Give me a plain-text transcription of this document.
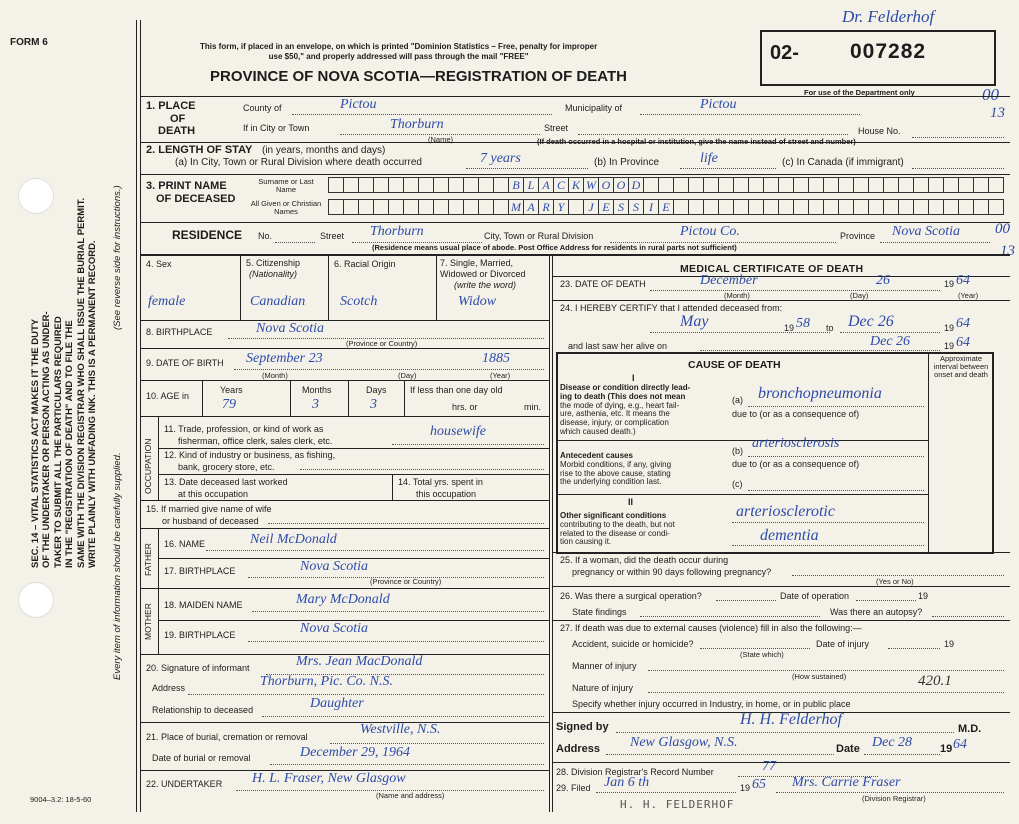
FORM 6
9004–3.2: 18-5-60
SEC. 14 – VITAL STATISTICS ACT MAKES IT THE DUTY OF THE UNDERTAKER OR PERSON ACTING AS UNDER- TAKER TO SUBMIT ALL THE PARTICULARS REQUIRED IN THE "REGISTRATION OF DEATH" AND TO FILE THE SAME WITH THE DIVISION REGISTRAR WHO SHALL ISSUE THE BURIAL PERMIT. WRITE PLAINLY WITH UNFADING INK. THIS IS A PERMANENT RECORD. (See reverse side for instructions.)
Every item of information should be carefully supplied.
This form, if placed in an envelope, on which is printed "Dominion Statistics – Free, penalty for improper
use $50," and properly addressed will pass through the mail "FREE"
PROVINCE OF NOVA SCOTIA—REGISTRATION OF DEATH
02- 007282
For use of the Department only
Dr. Felderhof
00
13
00
13
1. PLACE
OF
DEATH
County of	Pictou	Municipality of	Pictou
If in City or Town	Thorburn
(Name)
Street	House No.
(If death occurred in a hospital or institution, give the name instead of street and number)
2. LENGTH OF STAY (in years, months and days)
(a) In City, Town or Rural Division where death occurred	7 years	(b) In Province	life	(c) In Canada (if immigrant)
3. PRINT NAME
OF DECEASED
Surname or Last Name
All Given or Christian Names
B L A C K W O O D
M A R Y	J E S S I E
RESIDENCE No.	Street Thorburn	City, Town or Rural Division	Pictou Co.	Province Nova Scotia
(Residence means usual place of abode. Post Office Address for residents in rural parts not sufficient)
4. Sex	5. Citizenship
(Nationality)
6. Racial Origin	7. Single, Married,
Widowed or Divorced
(write the word)
female	Canadian Scotch	Widow
8. BIRTHPLACE	Nova Scotia
(Province or Country)
9. DATE OF BIRTH September 23	1885
(Month)	(Day)	(Year)
10. AGE in
Years
79
Months
3
Days
3
If less than one day old
hrs. or	min.
OCCUPATION
11. Trade, profession, or kind of work as
fisherman, office clerk, sales clerk, etc.
housewife
12. Kind of industry or business, as fishing,
bank, grocery store, etc.
13. Date deceased last worked
at this occupation
14. Total yrs. spent in
this occupation
15. If married give name of wife
or husband of deceased
FATHER 16. NAME	Neil McDonald
17. BIRTHPLACE	Nova Scotia
(Province or Country)
MOTHER 18. MAIDEN NAME	Mary McDonald
19. BIRTHPLACE	Nova Scotia
20. Signature of informant	Mrs. Jean MacDonald
Address	Thorburn, Pic. Co. N.S.
Relationship to deceased	Daughter
21. Place of burial, cremation or removal	Westville, N.S.
Date of burial or removal	December 29, 1964
22. UNDERTAKER H. L. Fraser, New Glasgow
(Name and address)
MEDICAL CERTIFICATE OF DEATH
23. DATE OF DEATH	December	26	19 64
(Month)	(Day)	(Year)
24. I HEREBY CERTIFY that I attended deceased from:
May	19 58 to Dec 26	19 64
and last saw her alive on	Dec 26	19 64
CAUSE OF DEATH
Approximate interval between onset and death
I
Disease or condition directly lead-
ing to death (This does not mean
the mode of dying, e.g., heart fail-
ure, asthenia, etc. It means the
disease, injury, or complication
which caused death.)
(a) bronchopneumonia
due to (or as a consequence of)
(b) arteriosclerosis
Antecedent causes
Morbid conditions, if any, giving
rise to the above cause, stating
the underlying condition last.
due to (or as a consequence of)
(c)
II
Other significant conditions
contributing to the death, but not
related to the disease or condi-
tion causing it.
arteriosclerotic
dementia
25. If a woman, did the death occur during
pregnancy or within 90 days following pregnancy?
(Yes or No)
26. Was there a surgical operation?	Date of operation	19
State findings	Was there an autopsy?
27. If death was due to external causes (violence) fill in also the following:—
Accident, suicide or homicide?	Date of injury	19
(State which)
Manner of injury
(How sustained)
Nature of injury	420.1
Specify whether injury occurred in Industry, in home, or in public place
Signed by	H. H. Felderhof
M.D.
Address New Glasgow, N.S.	Date Dec 28	19 64
28. Division Registrar's Record Number	77
29. Filed Jan 6 th	19 65 Mrs. Carrie Fraser
(Division Registrar)
H. H. FELDERHOF
